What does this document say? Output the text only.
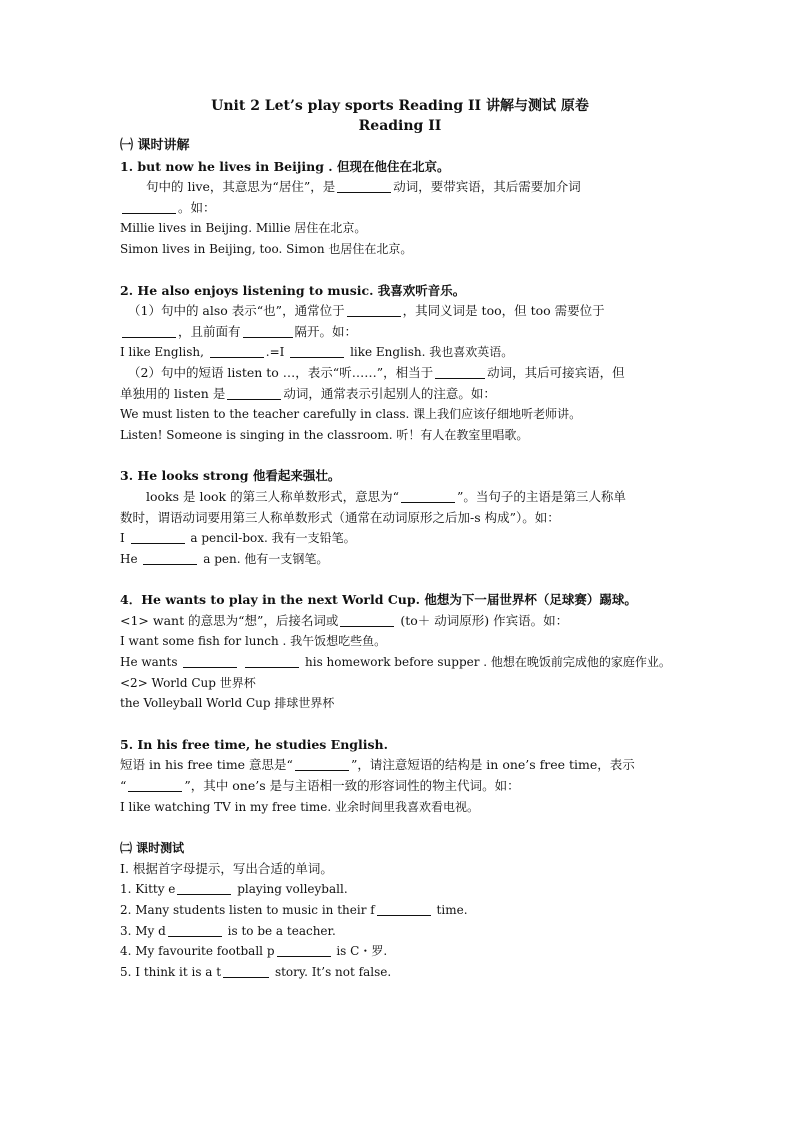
Unit 2 Let’s play sports Reading II 讲解与测试 原卷
Reading II
㈠ 课时讲解
1. but now he lives in Beijing . 但现在他住在北京。
句中的 live，其意思为“居住”，是	动词，要带宾语，其后需要加介词
。如：
Millie lives in Beijing. Millie 居住在北京。
Simon lives in Beijing, too. Simon 也居住在北京。
2. He also enjoys listening to music. 我喜欢听音乐。
（1）句中的 also 表示“也”，通常位于	，其同义词是 too，但 too 需要位于
，且前面有	隔开。如：
I like English,	.=I	like English. 我也喜欢英语。
（2）句中的短语 listen to …，表示“听……”，相当于	动词，其后可接宾语，但
单独用的 listen 是	动词，通常表示引起别人的注意。如：
We must listen to the teacher carefully in class. 课上我们应该仔细地听老师讲。
Listen! Someone is singing in the classroom. 听！有人在教室里唱歌。
3. He looks strong 他看起来强壮。
looks 是 look 的第三人称单数形式，意思为“	”。当句子的主语是第三人称单
数时，谓语动词要用第三人称单数形式（通常在动词原形之后加-s 构成”）。如：
I	a pencil-box. 我有一支铅笔。
He	a pen. 他有一支钢笔。
4．He wants to play in the next World Cup. 他想为下一届世界杯（足球赛）踢球。
<1> want 的意思为“想”，后接名词或	(to＋ 动词原形) 作宾语。如：
I want some fish for lunch . 我午饭想吃些鱼。
He wants	his homework before supper . 他想在晚饭前完成他的家庭作业。
<2> World Cup 世界杯
the Volleyball World Cup 排球世界杯
5. In his free time, he studies English.
短语 in his free time 意思是“	”，请注意短语的结构是 in one’s free time，表示
“	”，其中 one’s 是与主语相一致的形容词性的物主代词。如：
I like watching TV in my free time. 业余时间里我喜欢看电视。
㈡ 课时测试
I. 根据首字母提示，写出合适的单词。
1. Kitty e	playing volleyball.
2. Many students listen to music in their f	time.
3. My d	is to be a teacher.
4. My favourite football p	is C・罗.
5. I think it is a t	story. It’s not false.
